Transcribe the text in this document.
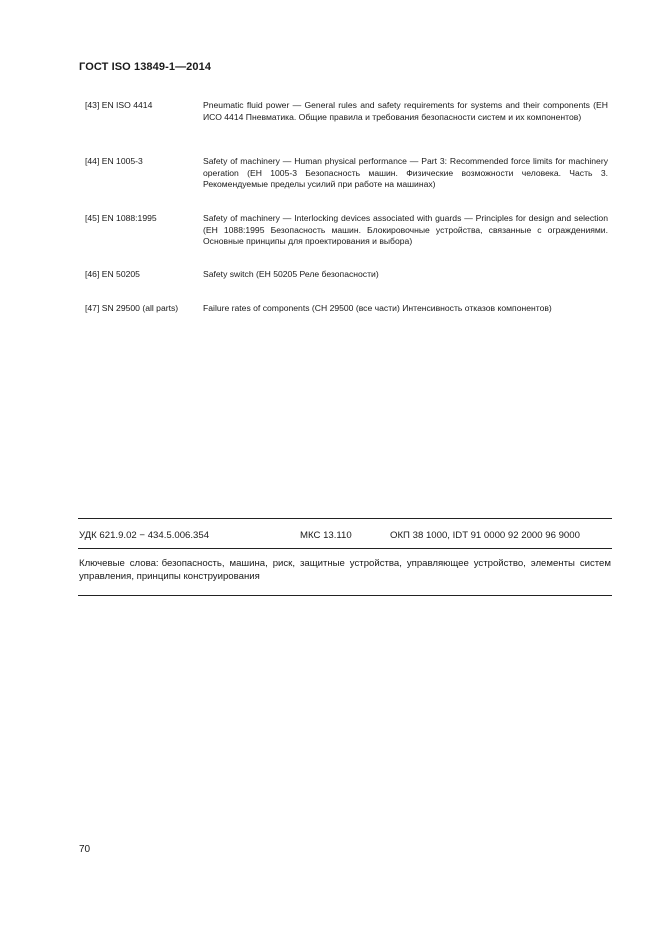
ГОСТ ISO 13849-1—2014
[43] EN ISO 4414	Pneumatic fluid power — General rules and safety requirements for systems and their components (ЕН ИСО 4414 Пневматика. Общие правила и требования безопасности систем и их компонентов)
[44] EN 1005-3	Safety of machinery — Human physical performance — Part 3: Recommended force limits for machinery operation (ЕН 1005-3 Безопасность машин. Физические возможности человека. Часть 3. Рекомендуемые пределы усилий при работе на машинах)
[45] EN 1088:1995	Safety of machinery — Interlocking devices associated with guards — Principles for design and selection (ЕН 1088:1995 Безопасность машин. Блокировочные устройства, связанные с ограждениями. Основные принципы для проектирования и выбора)
[46] EN 50205	Safety switch (ЕН 50205 Реле безопасности)
[47] SN 29500 (all parts)	Failure rates of components (СН 29500 (все части) Интенсивность отказов компонентов)
УДК 621.9.02 − 434.5.006.354	МКС 13.110	ОКП 38 1000, IDT 91 0000 92 2000 96 9000
Ключевые слова: безопасность, машина, риск, защитные устройства, управляющее устройство, элементы систем управления, принципы конструирования
70
